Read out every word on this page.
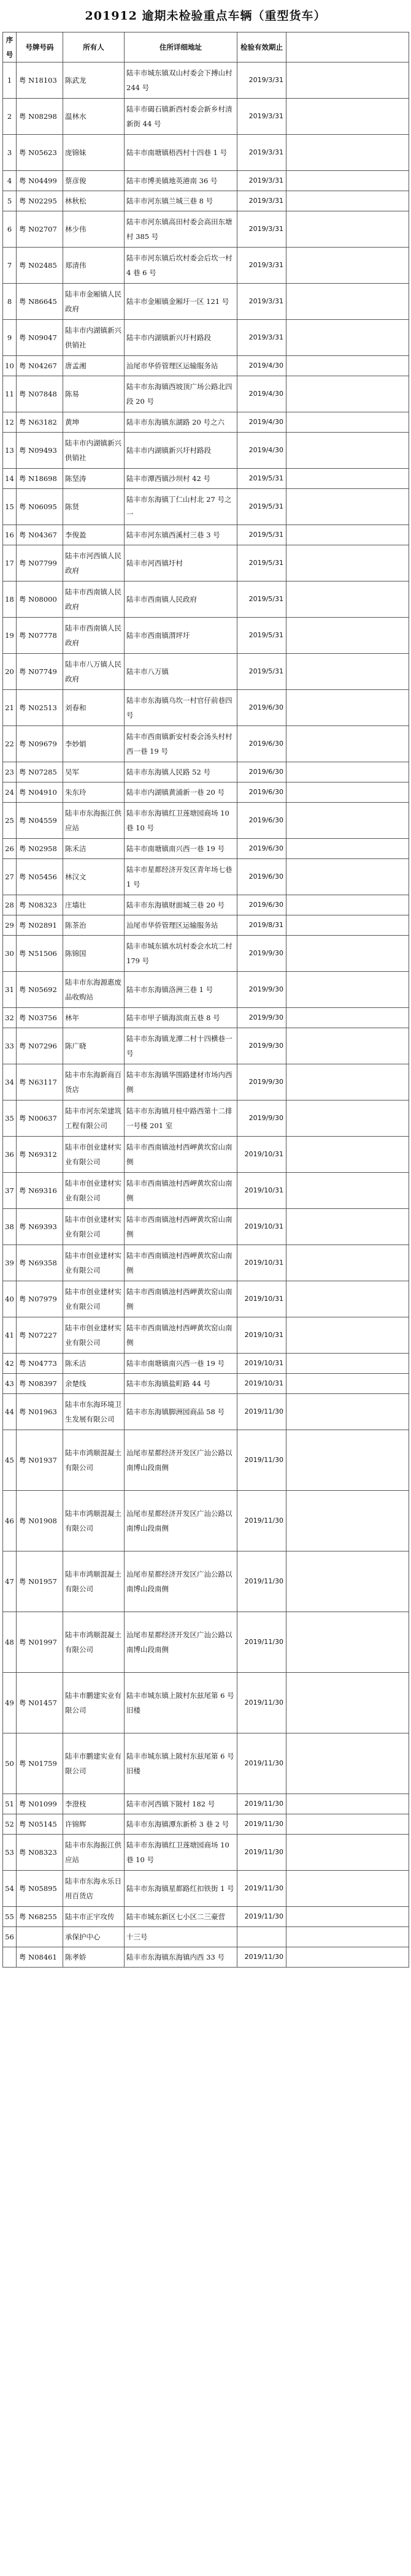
201912 逾期未检验重点车辆（重型货车）
序号	号牌号码	所有人	住所详细地址	检验有效期止	
1	粤 N18103	陈武龙	陆丰市城东镇双山村委会下搏山村 244 号	2019/3/31	
2	粤 N08298	温林水	陆丰市碣石镇新西村委会新乡村清新街 44 号	2019/3/31	
3	粤 N05623	庞锦妹	陆丰市南塘镇梧西村十四巷 1 号	2019/3/31	
4	粤 N04499	蔡彦俊	陆丰市博美镇地英港南 36 号	2019/3/31	
5	粤 N02295	林秋松	陆丰市河东镇兰城三巷 8 号	2019/3/31	
6	粤 N02707	林少伟	陆丰市河东镇高田村委会高田东塘村 385 号	2019/3/31	
7	粤 N02485	郑清伟	陆丰市河东镇后坎村委会后坎一村 4 巷 6 号	2019/3/31	
8	粤 N86645	陆丰市金厢镇人民政府	陆丰市金厢镇金厢圩一区 121 号	2019/3/31	
9	粤 N09047	陆丰市内湖镇新兴供销社	陆丰市内湖镇新兴圩村路段	2019/3/31	
10	粤 N04267	唐孟湘	汕尾市华侨管理区运输服务站	2019/4/30	
11	粤 N07848	陈易	陆丰市东海镇西坡顶广场公路北四段 20 号	2019/4/30	
12	粤 N63182	黄坤	陆丰市东海镇东湖路 20 号之六	2019/4/30	
13	粤 N09493	陆丰市内湖镇新兴供销社	陆丰市内湖镇新兴圩村路段	2019/4/30	
14	粤 N18698	陈坚涛	陆丰市潭西镇沙坝村 42 号	2019/5/31	
15	粤 N06095	陈贤	陆丰市东海镇丁仁山村北 27 号之一	2019/5/31	
16	粤 N04367	李俊盈	陆丰市河东镇西溪村三巷 3 号	2019/5/31	
17	粤 N07799	陆丰市河西镇人民政府	陆丰市河西镇圩村	2019/5/31	
18	粤 N08000	陆丰市西南镇人民政府	陆丰市西南镇人民政府	2019/5/31	
19	粤 N07778	陆丰市西南镇人民政府	陆丰市西南镇渭坪圩	2019/5/31	
20	粤 N07749	陆丰市八万镇人民政府	陆丰市八万镇	2019/5/31	
21	粤 N02513	刘春和	陆丰市东海镇乌坎一村官仔前巷四号	2019/6/30	
22	粤 N09679	李妙娟	陆丰市西南镇新安村委会汤头村村西一巷 19 号	2019/6/30	
23	粤 N07285	吴军	陆丰市东海镇人民路 52 号	2019/6/30	
24	粤 N04910	朱东玲	陆丰市内湖镇黄浦新一巷 20 号	2019/6/30	
25	粤 N04559	陆丰市东海振江供应站	陆丰市东海镇红卫莲塘园商场 10 巷 10 号	2019/6/30	
26	粤 N02958	陈禾洁	陆丰市南塘镇南兴西一巷 19 号	2019/6/30	
27	粤 N05456	林汉文	陆丰市星都经济开发区青年场七巷 1 号	2019/6/30	
28	粤 N08323	庄墙壮	陆丰市东海镇财面城三巷 20 号	2019/6/30	
29	粤 N02891	陈茶治	汕尾市华侨管理区运输服务站	2019/8/31	
30	粤 N51506	陈锦国	陆丰市城东镇水坑村委会水坑二村 179 号	2019/9/30	
31	粤 N05692	陆丰市东海源惠废品收购站	陆丰市东海镇洛洲三巷 1 号	2019/9/30	
32	粤 N03756	林年	陆丰市甲子镇海滨南五巷 8 号	2019/9/30	
33	粤 N07296	陈广晓	陆丰市东海镇龙潭二村十四横巷一号	2019/9/30	
34	粤 N63117	陆丰市东海新商百货店	陆丰市东海镇华围路建材市场内西侧	2019/9/30	
35	粤 N00637	陆丰市河东荣建筑工程有限公司	陆丰市东海镇月桂中路西第十二排一号楼 201 室	2019/9/30	
36	粤 N69312	陆丰市创业建材实业有限公司	陆丰市西南镇池村西岬黄坎窑山南侧	2019/10/31	
37	粤 N69316	陆丰市创业建材实业有限公司	陆丰市西南镇池村西岬黄坎窑山南侧	2019/10/31	
38	粤 N69393	陆丰市创业建材实业有限公司	陆丰市西南镇池村西岬黄坎窑山南侧	2019/10/31	
39	粤 N69358	陆丰市创业建材实业有限公司	陆丰市西南镇池村西岬黄坎窑山南侧	2019/10/31	
40	粤 N07979	陆丰市创业建材实业有限公司	陆丰市西南镇池村西岬黄坎窑山南侧	2019/10/31	
41	粤 N07227	陆丰市创业建材实业有限公司	陆丰市西南镇池村西岬黄坎窑山南侧	2019/10/31	
42	粤 N04773	陈禾洁	陆丰市南塘镇南兴西一巷 19 号	2019/10/31	
43	粤 N08397	余楚线	陆丰市东海镇盐町路 44 号	2019/10/31	
44	粤 N01963	陆丰市东海环境卫生发展有限公司	陆丰市东海镇脚洲园商品 58 号	2019/11/30	
45	粤 N01937	陆丰市鸿顺混凝土有限公司	汕尾市星都经济开发区广汕公路以南博山段南侧	2019/11/30	
46	粤 N01908	陆丰市鸿顺混凝土有限公司	汕尾市星都经济开发区广汕公路以南博山段南侧	2019/11/30	
47	粤 N01957	陆丰市鸿顺混凝土有限公司	汕尾市星都经济开发区广汕公路以南博山段南侧	2019/11/30	
48	粤 N01997	陆丰市鸿顺混凝土有限公司	汕尾市星都经济开发区广汕公路以南博山段南侧	2019/11/30	
49	粤 N01457	陆丰市鹏建实业有限公司	陆丰市城东镇上陂村东兹尾第 6 号旧楼	2019/11/30	
50	粤 N01759	陆丰市鹏建实业有限公司	陆丰市城东镇上陂村东兹尾第 6 号旧楼	2019/11/30	
51	粤 N01099	李澄枝	陆丰市河西镇下陂村 182 号	2019/11/30	
52	粤 N05145	许锦辉	陆丰市东海镇潭东新桥 3 巷 2 号	2019/11/30	
53	粤 N08323	陆丰市东海振江供应站	陆丰市东海镇红卫莲塘园商场 10 巷 10 号	2019/11/30	
54	粤 N05895	陆丰市东海永乐日用百货店	陆丰市东海镇星都路红扣铁街 1 号	2019/11/30	
55	粤 N68255	陆丰市正宇攻传	陆丰市城东新区七小区二三豪营	2019/11/30	
56		承保护中心	十三号		
	粤 N08461	陈孝娇	陆丰市东海镇东海镇内西 33 号	2019/11/30	
